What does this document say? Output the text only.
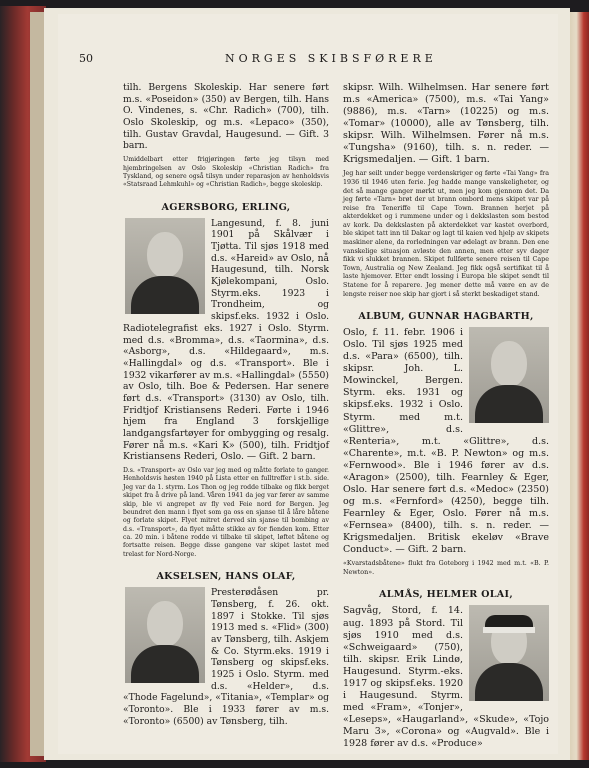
50	NORGES SKIBSFØRERE

tilh. Bergens Skoleskip. Har senere ført m.s. «Poseidon» (350) av Bergen, tilh. Hans O. Vindenes, s. «Chr. Radich» (700), tilh. Oslo Skoleskip, og m.s. «Lepaco» (350), tilh. Gustav Gravdal, Haugesund. — Gift. 3 barn.

Umiddelbart etter frigjøringen førte jeg tilsyn med hjembringelsen av Oslo Skoleskip «Christian Radich» fra Tyskland, og senere også tilsyn under reparasjon av henholdsvis «Statsraad Lehmkuhl» og «Christian Radich», begge skoleskip.

AGERSBORG, ERLING,

Langesund, f. 8. juni 1901 på Skålvær i Tjøtta. Til sjøs 1918 med d.s. «Hareid» av Oslo, nå Haugesund, tilh. Norsk Kjølekompani, Oslo. Styrm.eks. 1923 i Trondheim, og skipsf.eks. 1932 i Oslo. Radiotelegrafist eks. 1927 i Oslo. Styrm. med d.s. «Bromma», d.s. «Taormina», d.s. «Asborg», d.s. «Hildegaard», m.s. «Hallingdal» og d.s. «Transport». Ble i 1932 vikarfører av m.s. «Hallingdal» (5550) av Oslo, tilh. Boe & Pedersen. Har senere ført d.s. «Transport» (3130) av Oslo, tilh. Fridtjof Kristiansens Rederi. Førte i 1946 hjem fra England 3 forskjellige landgangsfartøyer for ombygging og resalg. Fører nå m.s. «Kari K» (500), tilh. Fridtjof Kristiansens Rederi, Oslo. — Gift. 2 barn.

D.s. «Transport» av Oslo var jeg med og måtte forlate to ganger. Henholdsvis høsten 1940 på Lista etter en fulltreffer i st.b. side. Jeg var da 1. styrm. Los Thon og jeg rodde tilbake og fikk berget skipet fra å drive på land. Våren 1941 da jeg var fører av samme skip, ble vi angrepet av fly ved Feie nord for Bergen. Jeg beundret den mann i flyet som ga oss en sjanse til å låre båtene og forlate skipet. Flyet mitret derved sin sjanse til bombing av d.s. «Transport», da flyet måtte stikke av for fienden kom. Etter ca. 20 min. i båtene rodde vi tilbake til skipet, løftet båtene og fortsatte reisen. Begge disse gangene var skipet lastet med trelast for Nord-Norge.

AKSELSEN, HANS OLAF,

Presterødåsen pr. Tønsberg, f. 26. okt. 1897 i Stokke. Til sjøs 1913 med s. «Flid» (300) av Tønsberg, tilh. Askjem & Co. Styrm.eks. 1919 i Tønsberg og skipsf.eks. 1925 i Oslo. Styrm. med d.s. «Helder», d.s. «Thode Fagelund», «Titania», «Templar» og «Toronto». Ble i 1933 fører av m.s. «Toronto» (6500) av Tønsberg, tilh.

skipsr. Wilh. Wilhelmsen. Har senere ført m.s «America» (7500), m.s. «Tai Yang» (9886), m.s. «Tarn» (10225) og m.s. «Tomar» (10000), alle av Tønsberg, tilh. skipsr. Wilh. Wilhelmsen. Fører nå m.s. «Tungsha» (9160), tilh. s. n. reder. — Krigsmedaljen. — Gift. 1 barn.

Jeg har seilt under begge verdenskriger og førte «Tai Yang» fra 1936 til 1946 uten ferie. Jeg hadde mange vanskeligheter, og det så mange ganger mørkt ut, men jeg kom gjennom det. Da jeg førte «Tarn» brøt der ut brann ombord mens skipet var på reise fra Teneriffe til Cape Town. Brannen herjet på akterdekket og i rummene under og i dekkslasten som bestod av kork. Da dekkslasten på akterdekket var kastet overbord, ble skipet tatt inn til Dakar og lagt til kaien ved hjelp av skipets maskiner alene, da rorledningen var ødelagt av brann. Den ene vanskelige situasjon avløste den annen, men etter syv dager fikk vi slukket brannen. Skipet fullførte senere reisen til Cape Town, Australia og New Zealand. Jeg fikk også sertifikat til å laste hjemover. Etter endt lossing i Europa ble skipet sendt til Statene for å reparere. Jeg mener dette må være en av de lengste reiser noe skip har gjort i så sterkt beskadiget stand.

ALBUM, GUNNAR HAGBARTH,

Oslo, f. 11. febr. 1906 i Oslo. Til sjøs 1925 med d.s. «Para» (6500), tilh. skipsr. Joh. L. Mowinckel, Bergen. Styrm. eks. 1931 og skipsf.eks. 1932 i Oslo. Styrm. med m.t. «Glittre», d.s. «Renteria», m.t. «Glittre», d.s. «Charente», m.t. «B. P. Newton» og m.s. «Fernwood». Ble i 1946 fører av d.s. «Aragon» (2500), tilh. Fearnley & Eger, Oslo. Har senere ført d.s. «Medoc» (2350) og m.s. «Fernford» (4250), begge tilh. Fearnley & Eger, Oslo. Fører nå m.s. «Fernsea» (8400), tilh. s. n. reder. — Krigsmedaljen. Britisk ekeløv «Brave Conduct». — Gift. 2 barn.

«Kvarstadsbåtene» flukt fra Goteborg i 1942 med m.t. «B. P. Newton».

ALMÅS, HELMER OLAI,

Sagvåg, Stord, f. 14. aug. 1893 på Stord. Til sjøs 1910 med d.s. «Schweigaard» (750), tilh. skipsr. Erik Lindø, Haugesund. Styrm.-eks. 1917 og skipsf.eks. 1920 i Haugesund. Styrm. med «Fram», «Tonjer», «Leseps», «Haugarland», «Skude», «Tojo Maru 3», «Corona» og «Augvald». Ble i 1928 fører av d.s. «Produce»
